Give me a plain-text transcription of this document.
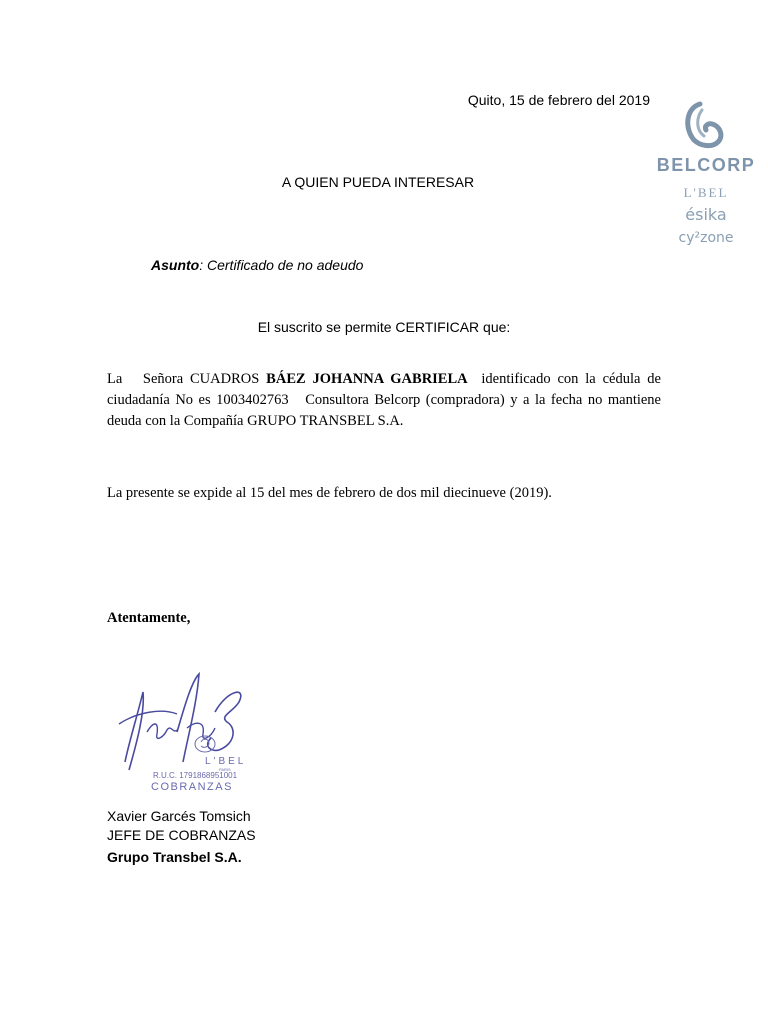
Quito, 15 de febrero del 2019
BELCORP
L'BEL
ésika
cy²zone
A QUIEN PUEDA INTERESAR
Asunto: Certificado de no adeudo
El suscrito se permite CERTIFICAR que:
La   Señora CUADROS BÁEZ JOHANNA GABRIELA  identificado con la cédula de ciudadanía No es 1003402763   Consultora Belcorp (compradora) y a la fecha no mantiene deuda con la Compañía GRUPO TRANSBEL S.A.
La presente se expide al 15 del mes de febrero de dos mil diecinueve (2019).
Atentamente,
L'BEL
PARIS
R.U.C. 1791868951001
COBRANZAS
Xavier Garcés Tomsich
JEFE DE COBRANZAS
Grupo Transbel S.A.
